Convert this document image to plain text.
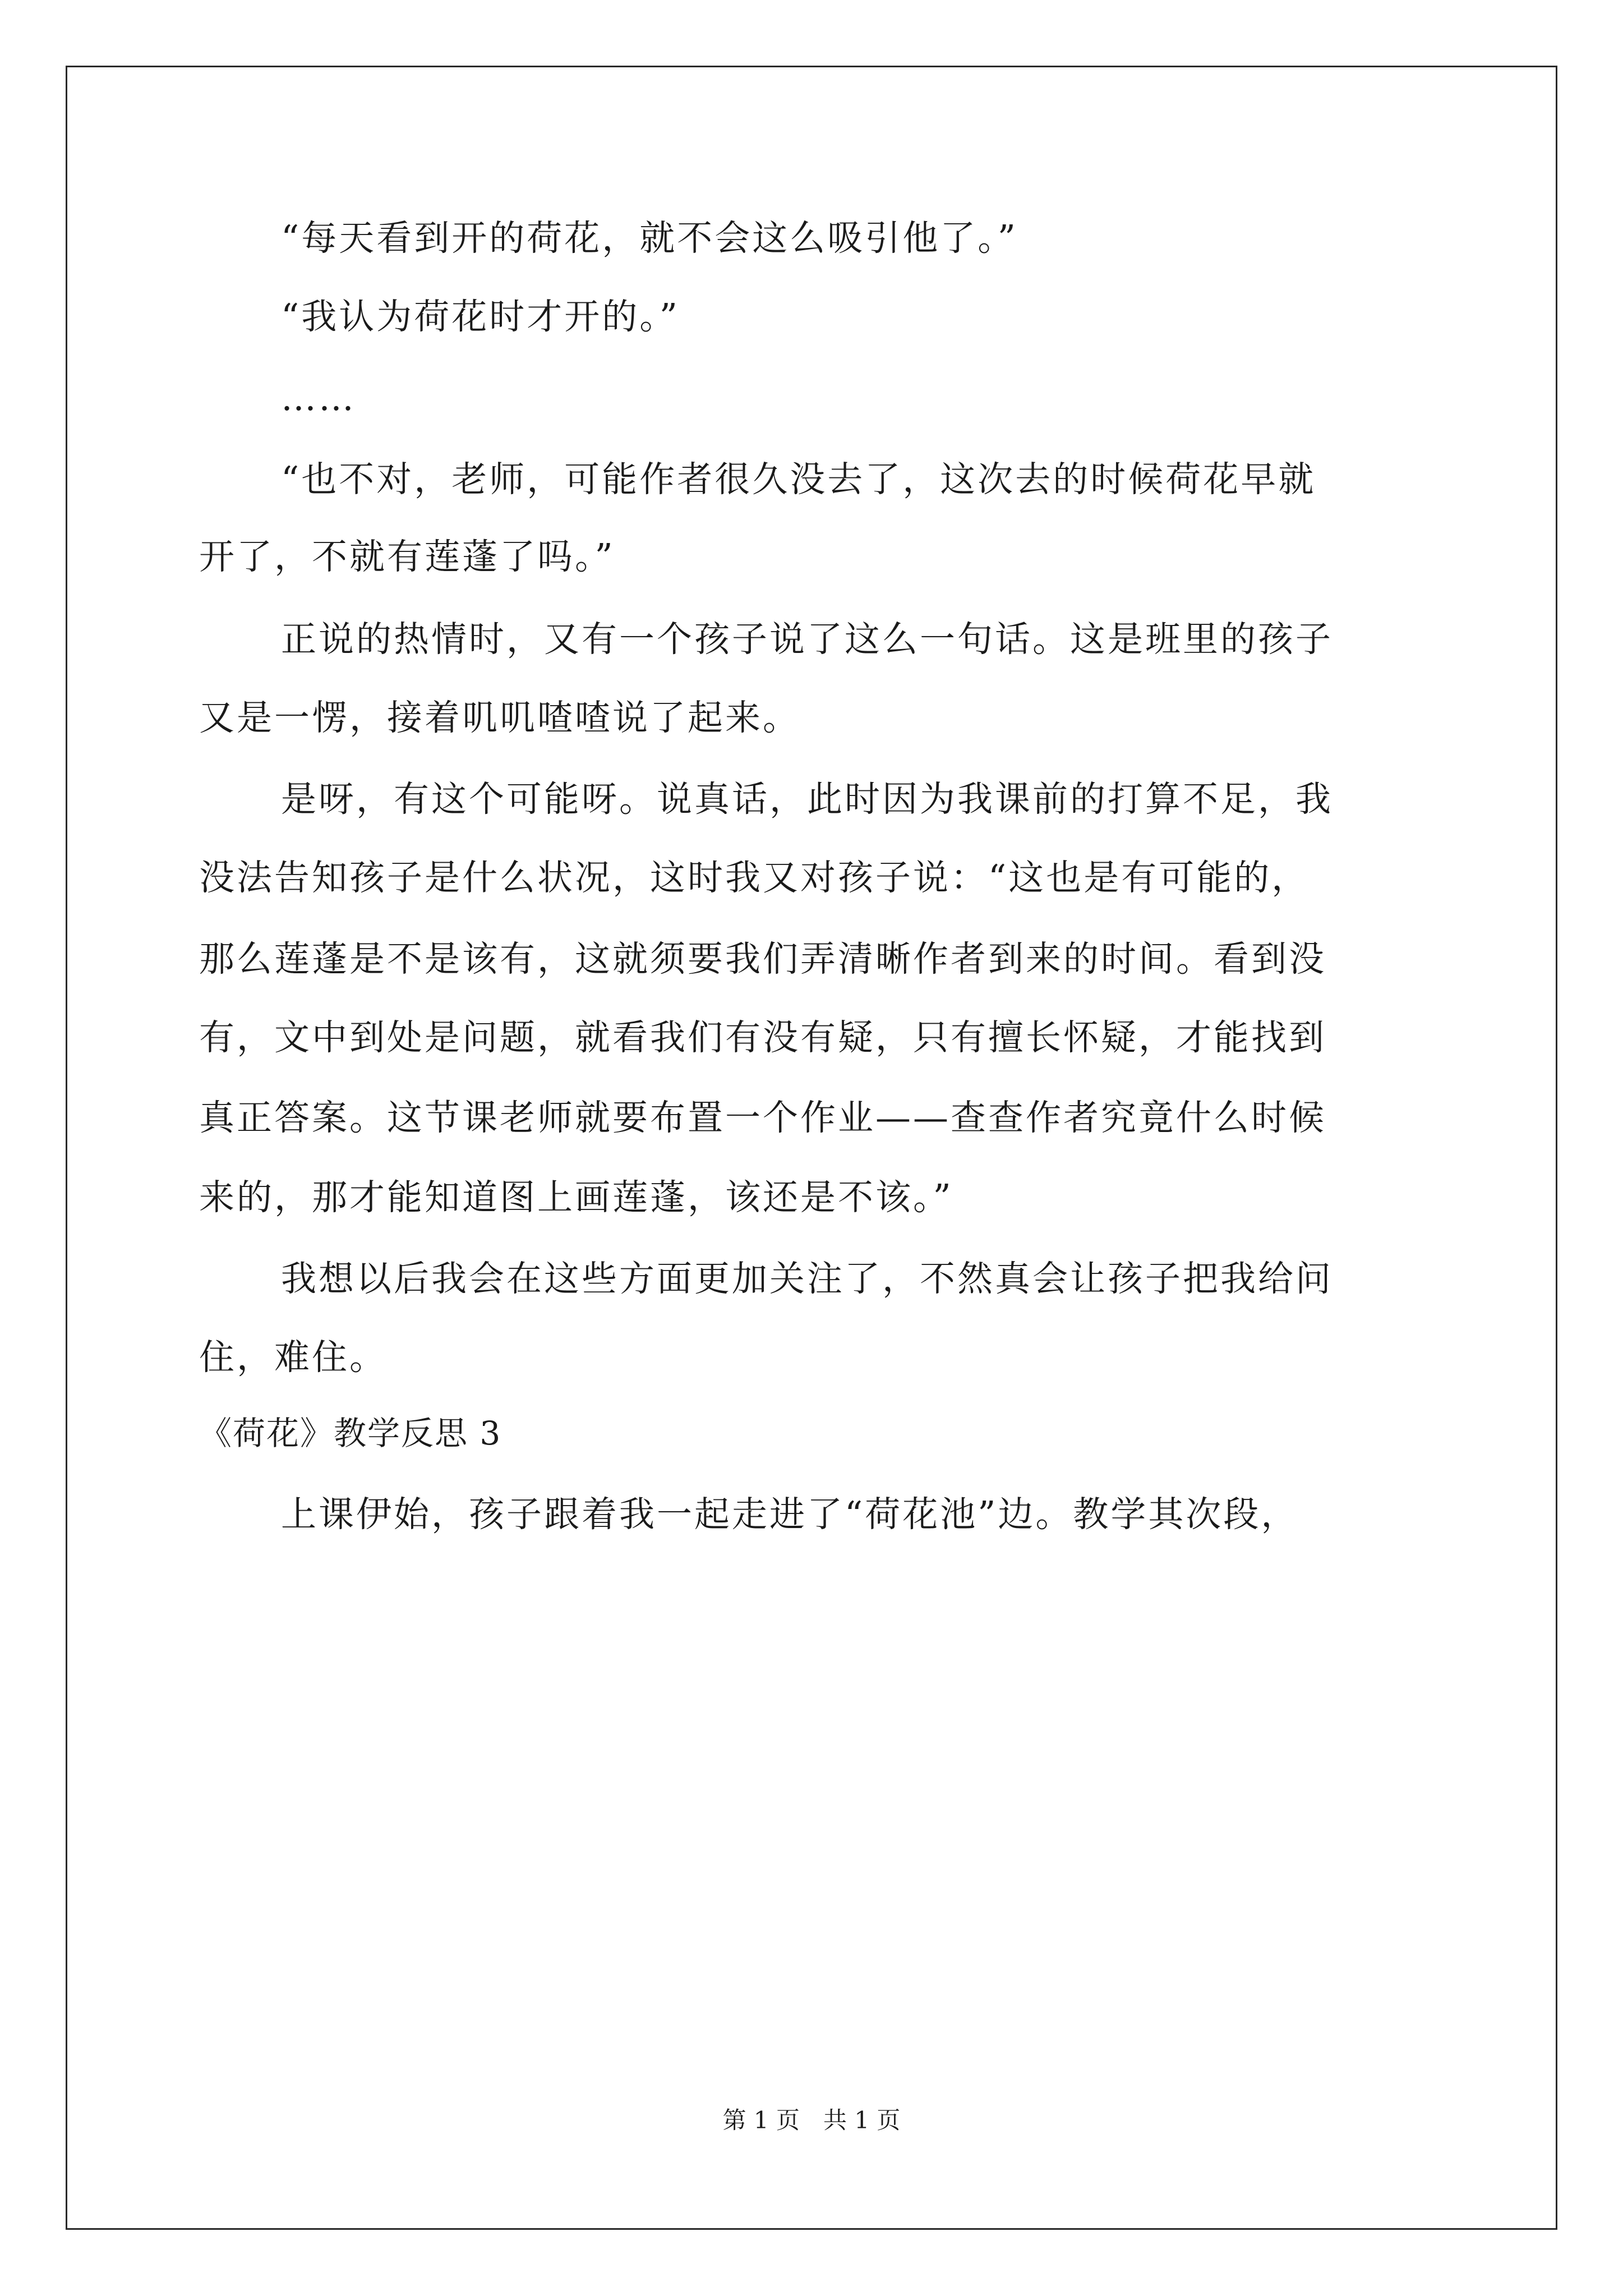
“每天看到开的荷花，就不会这么吸引他了。”
“我认为荷花时才开的。”
……
“也不对，老师，可能作者很久没去了，这次去的时候荷花早就
开了，不就有莲蓬了吗。”
正说的热情时，又有一个孩子说了这么一句话。这是班里的孩子
又是一愣，接着叽叽喳喳说了起来。
是呀，有这个可能呀。说真话，此时因为我课前的打算不足，我
没法告知孩子是什么状况，这时我又对孩子说：“这也是有可能的，
那么莲蓬是不是该有，这就须要我们弄清晰作者到来的时间。看到没
有，文中到处是问题，就看我们有没有疑，只有擅长怀疑，才能找到
真正答案。这节课老师就要布置一个作业——查查作者究竟什么时候
来的，那才能知道图上画莲蓬，该还是不该。”
我想以后我会在这些方面更加关注了，不然真会让孩子把我给问
住，难住。
《荷花》教学反思 3
上课伊始，孩子跟着我一起走进了“荷花池”边。教学其次段，
第 1 页　共 1 页
